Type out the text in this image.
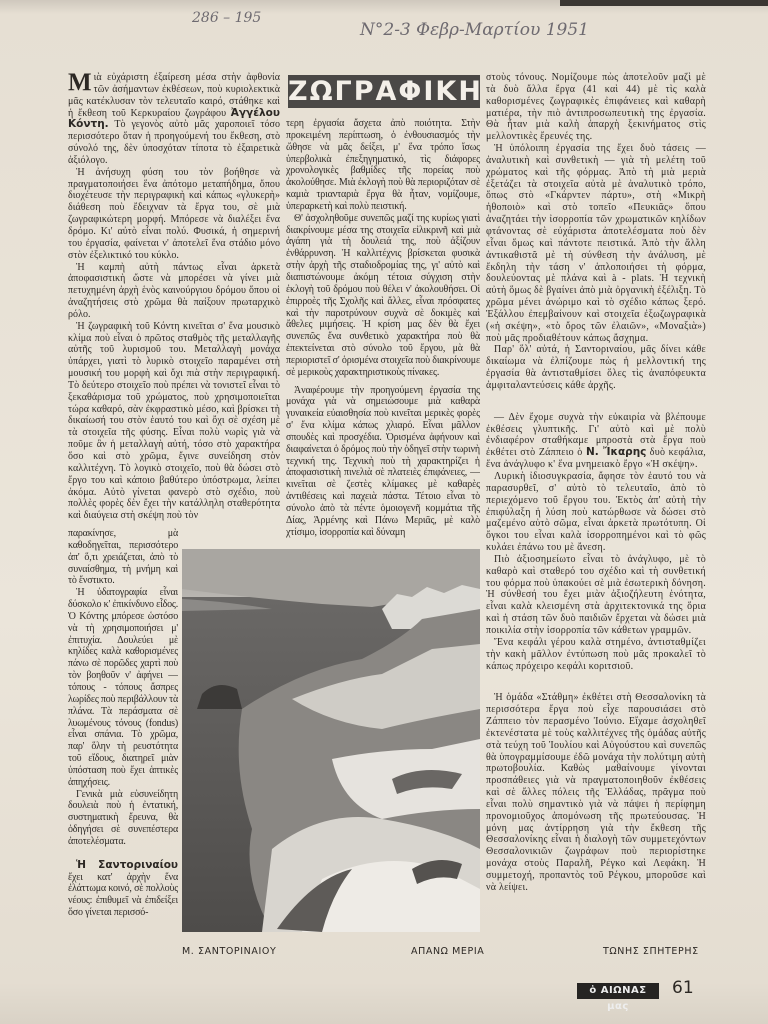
286 – 195
Ν°2-3 Φεβρ-Μαρτίου 1951

Μιὰ εὐχάριστη ἐξαίρεση μέσα στὴν ἀφθονία τῶν ἀσήμαντων ἐκθέσεων, ποὺ κυριολεκτικὰ μᾶς κατέκλυσαν τὸν τελευταῖο καιρό, στάθηκε καὶ ἡ ἔκθεση τοῦ Κερκυραίου ζωγράφου Ἀγγέλου Κόντη. Τὸ γεγονὸς αὐτὸ μᾶς χαροποιεῖ τόσο περισσότερο ὅταν ἡ προηγούμενή του ἔκθεση, στὸ σύνολό της, δὲν ὑποσχόταν τίποτα τὸ ἐξαιρετικὰ ἀξιόλογο.

Ἡ ἀνήσυχη φύση του τὸν βοήθησε νὰ πραγματοποιήσει ἕνα ἀπότομο μεταπήδημα, ὅπου διοχέτευσε τὴν περιγραφικὴ καὶ κάπως «γλυκερὴ» διάθεση ποὺ ἔδειχναν τὰ ἔργα του, σὲ μιὰ ζωγραφικώτερη μορφή. Μπόρεσε νὰ διαλέξει ἕνα δρόμο. Κι' αὐτὸ εἶναι πολύ. Φυσικά, ἡ σημερινή του ἐργασία, φαίνεται ν' ἀποτελεῖ ἕνα στάδιο μόνο στὸν ἐξελικτικό του κύκλο.

Ἡ καμπὴ αὐτὴ πάντως εἶναι ἀρκετὰ ἀποφασιστικὴ ὥστε νὰ μπορέσει νὰ γίνει μιὰ πετυχημένη ἀρχὴ ἑνὸς καινούργιου δρόμου ὅπου οἱ ἀναζητήσεις στὸ χρῶμα θὰ παίξουν πρωταρχικὸ ρόλο.

Ἡ ζωγραφικὴ τοῦ Κόντη κινεῖται σ' ἕνα μουσικὸ κλίμα ποὺ εἶναι ὁ πρῶτος σταθμὸς τῆς μεταλλαγῆς αὐτῆς τοῦ λυρισμοῦ του. Μεταλλαγὴ μονάχα ὑπάρχει, γιατὶ τὸ λυρικὸ στοιχεῖο παραμένει στὴ μουσική του μορφὴ καὶ ὄχι πιὰ στὴν περιγραφική. Τὸ δεύτερο στοιχεῖο ποὺ πρέπει νὰ τονιστεῖ εἶναι τὸ ξεκαθάρισμα τοῦ χρώματος, ποὺ χρησιμοποιεῖται τώρα καθαρό, σὰν ἐκφραστικὸ μέσο, καὶ βρίσκει τὴ δικαίωσή του στὸν ἑαυτό του καὶ ὄχι σὲ σχέση μὲ τὰ στοιχεῖα τῆς φύσης. Εἶναι πολὺ νωρὶς γιὰ νὰ ποῦμε ἂν ἡ μεταλλαγὴ αὐτή, τόσο στὸ χαρακτήρα ὅσο καὶ στὸ χρῶμα, ἔγινε συνείδηση στὸν καλλιτέχνη. Τὸ λογικὸ στοιχεῖο, ποὺ θὰ δώσει στὸ ἔργο του καὶ κάποιο βαθύτερο ὑπόστρωμα, λείπει ἀκόμα. Αὐτὸ γίνεται φανερὸ στὸ σχέδιο, ποὺ πολλὲς φορὲς δὲν ἔχει τὴν κατάλληλη σταθερότητα καὶ διαύγεια στὴ σκέψη ποὺ τὸν

παρακίνησε, μὰ καθοδηγεῖται, περισσότερο ἀπ' ὅ,τι χρειάζεται, ἀπὸ τὸ συναίσθημα, τὴ μνήμη καὶ τὸ ἔνστικτο.

Ἡ ὑδατογραφία εἶναι δύσκολο κ' ἐπικίνδυνο εἶδος. Ὁ Κόντης μπόρεσε ὡστόσο νὰ τὴ χρησιμοποιήσει μ' ἐπιτυχία. Δουλεύει μὲ κηλίδες καλὰ καθορισμένες πάνω σὲ πορῶδες χαρτὶ ποὺ τὸν βοηθοῦν ν' ἀφήνει — τόπους - τόπους ἄσπρες λωρίδες ποὺ περιβάλλουν τὰ πλάνα. Τὰ περάσματα σὲ λυωμένους τόνους (fondus) εἶναι σπάνια. Τὸ χρῶμα, παρ' ὅλην τὴ ρευστότητα τοῦ εἴδους, διατηρεῖ μιὰν ὑπόσταση ποὺ ἔχει ἁπτικὲς ἀπηχήσεις.

Γενικὰ μιὰ εὐσυνείδητη δουλειὰ ποὺ ἡ ἐντατική, συστηματικὴ ἔρευνα, θὰ ὁδηγήσει σὲ συνεπέστερα ἀποτελέσματα.

Ἡ Σαντοριναίου ἔχει κατ' ἀρχὴν ἕνα ἐλάττωμα κοινό, σὲ πολλοὺς νέους: ἐπιθυμεῖ νὰ ἐπιδείξει ὅσο γίνεται περισσό-

ΖΩΓΡΑΦΙΚΗ

τερη ἐργασία ἄσχετα ἀπὸ ποιότητα. Στὴν προκειμένη περίπτωση, ὁ ἐνθουσιασμός τὴν ὤθησε νὰ μᾶς δείξει, μ' ἕνα τρόπο ἴσως ὑπερβολικὰ ἐπεξηγηματικό, τὶς διάφορες χρονολογικὲς βαθμίδες τῆς πορείας ποὺ ἀκολούθησε. Μιὰ ἐκλογὴ ποὺ θὰ περιοριζόταν σὲ καμιὰ τριανταριὰ ἔργα θὰ ἦταν, νομίζουμε, ὑπεραρκετὴ καὶ πολὺ πειστική.

Θ' ἀσχοληθοῦμε συνεπῶς μαζί της κυρίως γιατὶ διακρίνουμε μέσα της στοιχεῖα εἰλικρινῆ καὶ μιὰ ἀγάπη γιὰ τὴ δουλειά της, ποὺ ἀξίζουν ἐνθάρρυνση. Ἡ καλλιτέχνις βρίσκεται φυσικὰ στὴν ἀρχὴ τῆς σταδιοδρομίας της, γι' αὐτὸ καὶ διαπιστώνουμε ἀκόμη τέτοια σύγχιση στὴν ἐκλογὴ τοῦ δρόμου ποὺ θέλει ν' ἀκολουθήσει. Οἱ ἐπιρροὲς τῆς Σχολῆς καὶ ἄλλες, εἶναι πρόσφατες καὶ τὴν παροτρύνουν συχνὰ σὲ δοκιμὲς καὶ ἄθελες μιμήσεις. Ἡ κρίση μας δὲν θὰ ἔχει συνεπῶς ἕνα συνθετικὸ χαρακτήρα ποὺ θὰ ἐπεκτείνεται στὸ σύνολο τοῦ ἔργου, μὰ θὰ περιοριστεῖ σ' ὁρισμένα στοιχεῖα ποὺ διακρίνουμε σὲ μερικοὺς χαρακτηριστικοὺς πίνακες.

Ἀναφέρουμε τὴν προηγούμενη ἐργασία της μονάχα γιὰ νὰ σημειώσουμε μιὰ καθαρὰ γυναικεία εὐαισθησία ποὺ κινεῖται μερικὲς φορὲς σ' ἕνα κλίμα κάπως χλιαρό. Εἶναι μᾶλλον σπουδὲς καὶ προσχέδια. Ὁρισμένα ἀφήνουν καὶ διαφαίνεται ὁ δρόμος ποὺ τὴν ὁδηγεῖ στὴν τωρινὴ τεχνική της. Τεχνικὴ ποὺ τὴ χαρακτηρίζει ἡ ἀποφασιστικὴ πινελιὰ σὲ πλατειὲς ἐπιφάνειες, — κινεῖται σὲ ζεστὲς κλίμακες μὲ καθαρὲς ἀντιθέσεις καὶ παχειὰ πάστα. Τέτοιο εἶναι τὸ σύνολο ἀπὸ τὰ πέντε ὁμοιογενῆ κομμάτια τῆς Δίας, Ἀρμένης καὶ Πάνω Μεριᾶς, μὲ καλὸ χτίσιμο, ἰσορροπία καὶ δύναμη

στοὺς τόνους. Νομίζουμε πὼς ἀποτελοῦν μαζὶ μὲ τὰ δυὸ ἄλλα ἔργα (41 καὶ 44) μὲ τὶς καλὰ καθορισμένες ζωγραφικὲς ἐπιφάνειες καὶ καθαρὴ ματιέρα, τὴν πιὸ ἀντιπροσωπευτικὴ της ἐργασία. Θὰ ἦταν μιὰ καλὴ ἀπαρχὴ ξεκινήματος στὶς μελλοντικὲς ἔρευνές της.

Ἡ ὑπόλοιπη ἐργασία της ἔχει δυὸ τάσεις — ἀναλυτικὴ καὶ συνθετικὴ — γιὰ τὴ μελέτη τοῦ χρώματος καὶ τῆς φόρμας. Ἀπὸ τὴ μιὰ μεριὰ ἐξετάζει τὰ στοιχεῖα αὐτὰ μὲ ἀναλυτικὸ τρόπο, ὅπως στὸ «Γκάρντεν πάρτυ», στὴ «Μικρὴ ἠθοποιὸ» καὶ στὸ τοπεῖο «Πευκιᾶς» ὅπου ἀναζητάει τὴν ἰσορροπία τῶν χρωματικῶν κηλίδων φτάνοντας σὲ εὐχάριστα ἀποτελέσματα ποὺ δὲν εἶναι ὅμως καὶ πάντοτε πειστικά. Ἀπὸ τὴν ἄλλη ἀντικαθιστᾶ μὲ τὴ σύνθεση τὴν ἀνάλυση, μὲ ἔκδηλη τὴν τάση ν' ἁπλοποιήσει τὴ φόρμα, δουλεύοντας μὲ πλάνα καὶ à - plats. Ἡ τεχνικὴ αὐτὴ ὅμως δὲ βγαίνει ἀπὸ μιὰ ὀργανικὴ ἐξέλιξη. Τὸ χρῶμα μένει ἀνώριμο καὶ τὸ σχέδιο κάπως ξερό. Ἐξάλλου ἐπεμβαίνουν καὶ στοιχεῖα ἐξωζωγραφικὰ («ἡ σκέψη», «τὸ ὄρος τῶν ἐλαιῶν», «Μοναξιὰ») ποὺ μᾶς προδιαθέτουν κάπως ἄσχημα.

Παρ' ὅλ' αὐτά, ἡ Σαντοριναίου, μᾶς δίνει κάθε δικαίωμα νὰ ἐλπίζουμε πὼς ἡ μελλοντική της ἐργασία θὰ ἀντισταθμίσει ὅλες τὶς ἀναπόφευκτα ἀμφιταλαντεύσεις κάθε ἀρχῆς.

— Δὲν ἔχομε συχνὰ τὴν εὐκαιρία νὰ βλέπουμε ἐκθέσεις γλυπτικῆς. Γι' αὐτὸ καὶ μὲ πολὺ ἐνδιαφέρον σταθήκαμε μπροστὰ στὰ ἔργα ποὺ ἐκθέτει στὸ Ζάππειο ὁ Ν. Ἴκαρης δυὸ κεφάλια, ἕνα ἀνάγλυφο κ' ἕνα μνημειακὸ ἔργο «Ἡ σκέψη».

Λυρικὴ ἰδιοσυγκρασία, ἄφησε τὸν ἑαυτό του νὰ παρασυρθεῖ, σ' αὐτὸ τὸ τελευταῖο, ἀπὸ τὸ περιεχόμενο τοῦ ἔργου του. Ἐκτὸς ἀπ' αὐτὴ τὴν ἐπιφύλαξη ἡ λύση ποὺ κατώρθωσε νὰ δώσει στὸ μαζεμένο αὐτὸ σῶμα, εἶναι ἀρκετὰ πρωτότυπη. Οἱ ὄγκοι του εἶναι καλὰ ἰσορροπημένοι καὶ τὸ φῶς κυλάει ἐπάνω του μὲ ἄνεση.

Πιὸ ἀξιοσημείωτο εἶναι τὸ ἀνάγλυφο, μὲ τὸ καθαρὸ καὶ σταθερό του σχέδιο καὶ τὴ συνθετική του φόρμα ποὺ ὑπακούει σὲ μιὰ ἐσωτερικὴ δόνηση. Ἡ σύνθεσή του ἔχει μιὰν ἀξιοζήλευτη ἑνότητα, εἶναι καλὰ κλεισμένη στὰ ἀρχιτεκτονικά της ὅρια καὶ ἡ στάση τῶν δυὸ παιδιῶν ἔρχεται νὰ δώσει μιὰ ποικιλία στὴν ἰσορροπία τῶν κάθετων γραμμῶν.

Ἕνα κεφάλι γέρου καλὰ στημένο, ἀντισταθμίζει τὴν κακὴ μᾶλλον ἐντύπωση ποὺ μᾶς προκαλεῖ τὸ κάπως πρόχειρο κεφάλι κοριτσιοῦ.

Ἡ ὁμάδα «Στάθμη» ἐκθέτει στὴ Θεσσαλονίκη τὰ περισσότερα ἔργα ποὺ εἶχε παρουσιάσει στὸ Ζάππειο τὸν περασμένο Ἰούνιο. Εἴχαμε ἀσχοληθεῖ ἐκτενέστατα μὲ τοὺς καλλιτέχνες τῆς ὁμάδας αὐτῆς στὰ τεύχη τοῦ Ἰουλίου καὶ Αὐγούστου καὶ συνεπῶς θὰ ὑπογραμμίσουμε ἐδῶ μονάχα τὴν πολύτιμη αὐτὴ πρωτοβουλία. Καθὼς μαθαίνουμε γίνονται προσπάθειες γιὰ νὰ πραγματοποιηθοῦν ἐκθέσεις καὶ σὲ ἄλλες πόλεις τῆς Ἑλλάδας, πρᾶγμα ποὺ εἶναι πολὺ σημαντικὸ γιὰ νὰ πάψει ἡ περίφημη προνομιοῦχος ἀπομόνωση τῆς πρωτεύουσας. Ἡ μόνη μας ἀντίρρηση γιὰ τὴν ἔκθεση τῆς Θεσσαλονίκης εἶναι ἡ διαλογὴ τῶν συμμετεχόντων Θεσσαλονικιῶν ζωγράφων ποὺ περιορίστηκε μονάχα στοὺς Παραλῆ, Ρέγκο καὶ Λεφάκη. Ἡ συμμετοχή, προπαντὸς τοῦ Ρέγκου, μποροῦσε καὶ νὰ λείψει.

Μ. ΣΑΝΤΟΡΙΝΑΙΟΥ	ΑΠΑΝΩ ΜΕΡΙΑ	ΤΩΝΗΣ ΣΠΗΤΕΡΗΣ
ὁ ΑΙΩΝΑΣ μας
61
